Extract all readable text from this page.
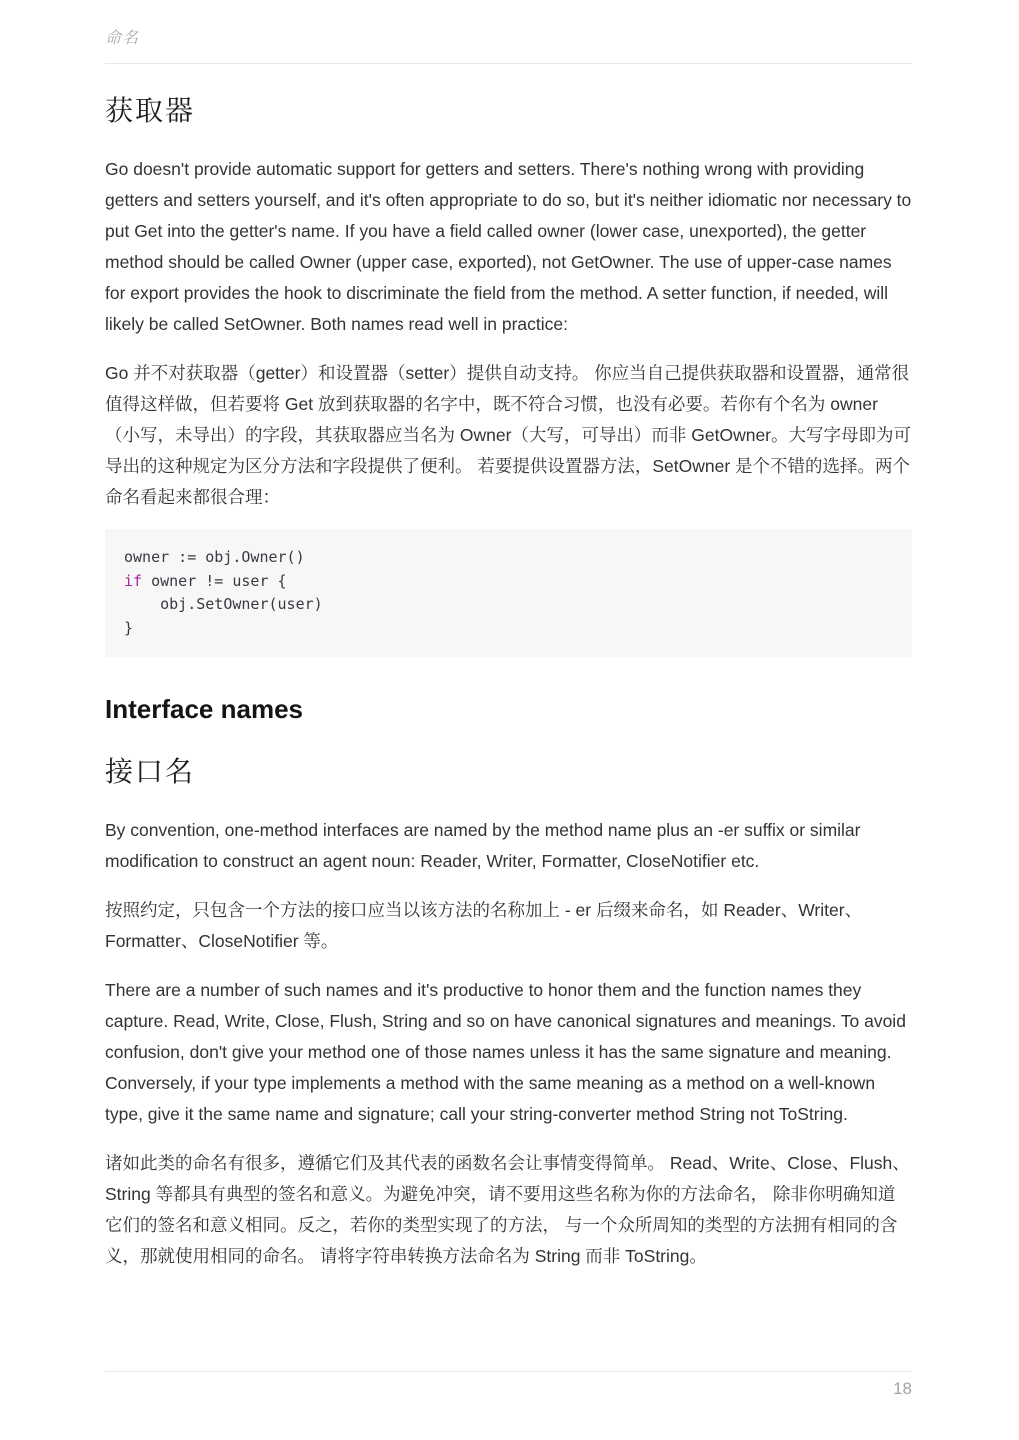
命名
获取器

Go doesn't provide automatic support for getters and setters. There's nothing wrong with providing getters and setters yourself, and it's often appropriate to do so, but it's neither idiomatic nor necessary to put Get into the getter's name. If you have a field called owner (lower case, unexported), the getter method should be called Owner (upper case, exported), not GetOwner. The use of upper-case names for export provides the hook to discriminate the field from the method. A setter function, if needed, will likely be called SetOwner. Both names read well in practice:

Go 并不对获取器（getter）和设置器（setter）提供自动支持。 你应当自己提供获取器和设置器，通常很值得这样做，但若要将 Get 放到获取器的名字中，既不符合习惯，也没有必要。若你有个名为 owner （小写，未导出）的字段，其获取器应当名为 Owner（大写，可导出）而非 GetOwner。大写字母即为可导出的这种规定为区分方法和字段提供了便利。 若要提供设置器方法，SetOwner 是个不错的选择。两个命名看起来都很合理：

owner := obj.Owner()
if owner != user {
obj.SetOwner(user)
}
Interface names
接口名

By convention, one-method interfaces are named by the method name plus an -er suffix or similar modification to construct an agent noun: Reader, Writer, Formatter, CloseNotifier etc.

按照约定，只包含一个方法的接口应当以该方法的名称加上 - er 后缀来命名，如 Reader、Writer、 Formatter、CloseNotifier 等。

There are a number of such names and it's productive to honor them and the function names they capture. Read, Write, Close, Flush, String and so on have canonical signatures and meanings. To avoid confusion, don't give your method one of those names unless it has the same signature and meaning. Conversely, if your type implements a method with the same meaning as a method on a well-known type, give it the same name and signature; call your string-converter method String not ToString.

诸如此类的命名有很多，遵循它们及其代表的函数名会让事情变得简单。 Read、Write、Close、Flush、 String 等都具有典型的签名和意义。为避免冲突，请不要用这些名称为你的方法命名， 除非你明确知道它们的签名和意义相同。反之，若你的类型实现了的方法， 与一个众所周知的类型的方法拥有相同的含义，那就使用相同的命名。 请将字符串转换方法命名为 String 而非 ToString。

18
